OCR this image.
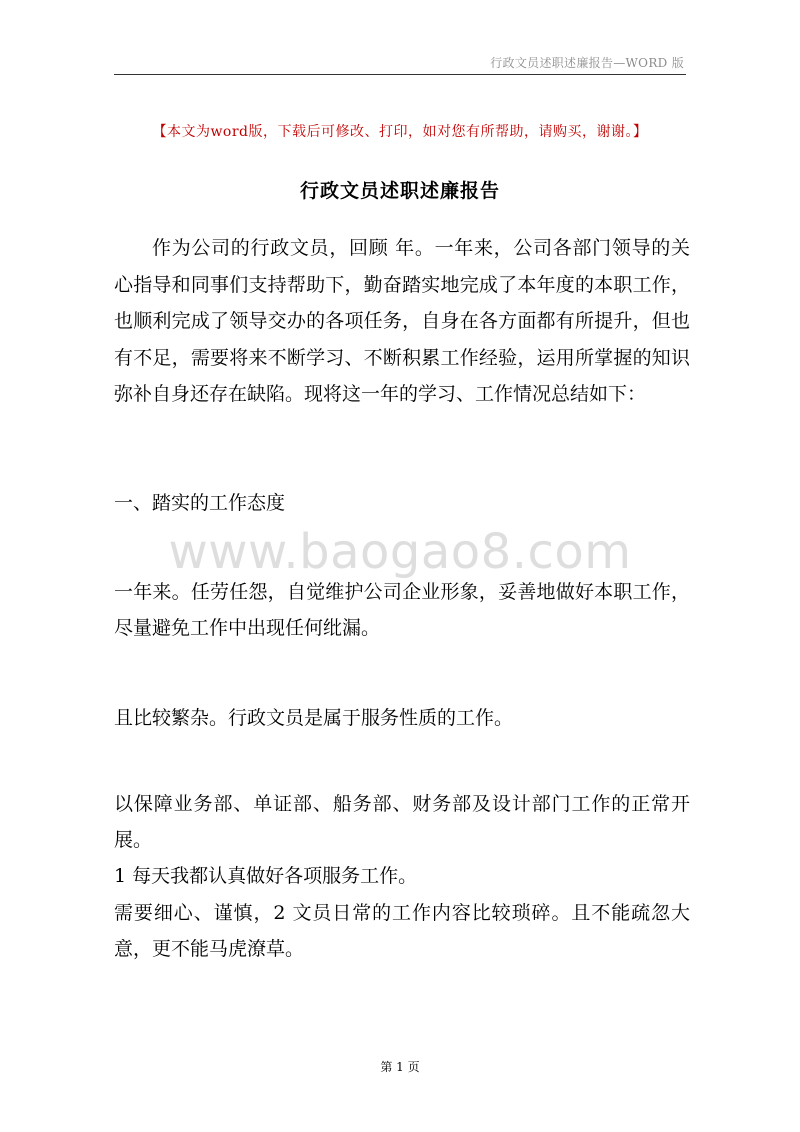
行政文员述职述廉报告—WORD 版
【本文为word版，下载后可修改、打印，如对您有所帮助，请购买，谢谢。】
行政文员述职述廉报告

作为公司的行政文员，回顾 年。一年来，公司各部门领导的关心指导和同事们支持帮助下，勤奋踏实地完成了本年度的本职工作，也顺利完成了领导交办的各项任务，自身在各方面都有所提升，但也有不足，需要将来不断学习、不断积累工作经验，运用所掌握的知识弥补自身还存在缺陷。现将这一年的学习、工作情况总结如下：

一、踏实的工作态度

www.baogao8.com

一年来。任劳任怨，自觉维护公司企业形象，妥善地做好本职工作，尽量避免工作中出现任何纰漏。

且比较繁杂。行政文员是属于服务性质的工作。

以保障业务部、单证部、船务部、财务部及设计部门工作的正常开展。
1 每天我都认真做好各项服务工作。

需要细心、谨慎，2 文员日常的工作内容比较琐碎。且不能疏忽大意，更不能马虎潦草。

第 1 页
